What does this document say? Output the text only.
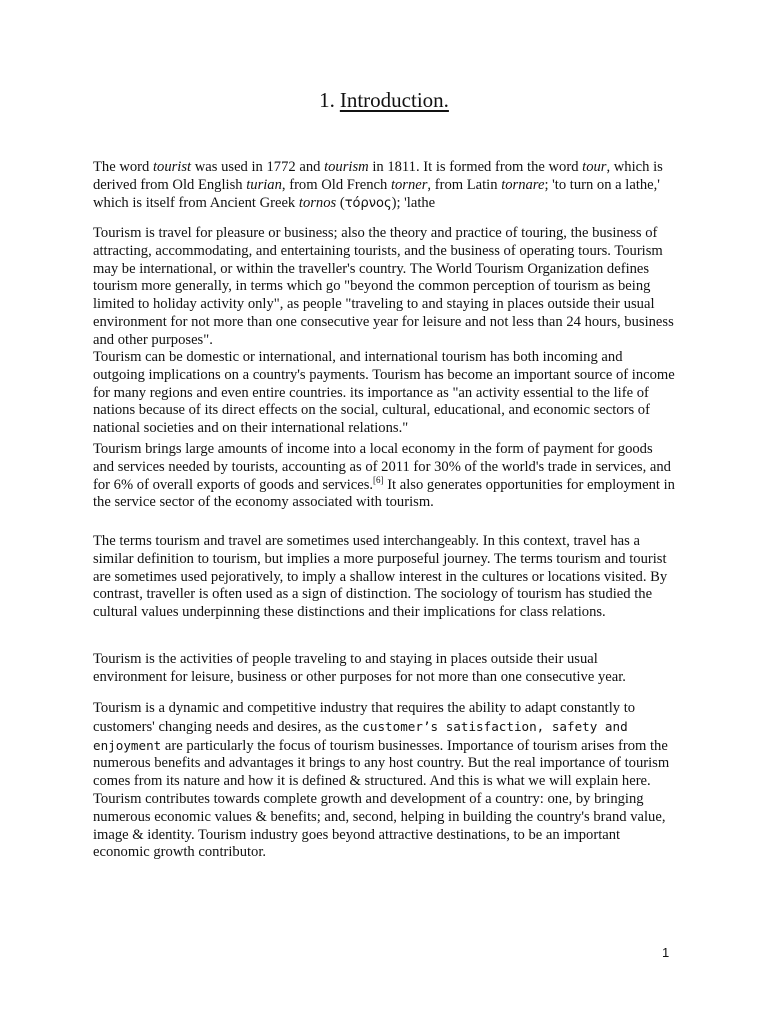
1. Introduction.

The word tourist was used in 1772 and tourism in 1811. It is formed from the word tour, which is derived from Old English turian, from Old French torner, from Latin tornare; 'to turn on a lathe,' which is itself from Ancient Greek tornos (τόρνος); 'lathe

Tourism is travel for pleasure or business; also the theory and practice of touring, the business of attracting, accommodating, and entertaining tourists, and the business of operating tours. Tourism may be international, or within the traveller's country. The World Tourism Organization defines tourism more generally, in terms which go "beyond the common perception of tourism as being limited to holiday activity only", as people "traveling to and staying in places outside their usual environment for not more than one consecutive year for leisure and not less than 24 hours, business and other purposes".

Tourism can be domestic or international, and international tourism has both incoming and outgoing implications on a country's payments. Tourism has become an important source of income for many regions and even entire countries. its importance as "an activity essential to the life of nations because of its direct effects on the social, cultural, educational, and economic sectors of national societies and on their international relations."

Tourism brings large amounts of income into a local economy in the form of payment for goods and services needed by tourists, accounting as of 2011 for 30% of the world's trade in services, and for 6% of overall exports of goods and services.[6] It also generates opportunities for employment in the service sector of the economy associated with tourism.

The terms tourism and travel are sometimes used interchangeably. In this context, travel has a similar definition to tourism, but implies a more purposeful journey. The terms tourism and tourist are sometimes used pejoratively, to imply a shallow interest in the cultures or locations visited. By contrast, traveller is often used as a sign of distinction. The sociology of tourism has studied the cultural values underpinning these distinctions and their implications for class relations.

Tourism is the activities of people traveling to and staying in places outside their usual environment for leisure, business or other purposes for not more than one consecutive year.

Tourism is a dynamic and competitive industry that requires the ability to adapt constantly to customers' changing needs and desires, as the customer’s satisfaction, safety and enjoyment are particularly the focus of tourism businesses. Importance of tourism arises from the numerous benefits and advantages it brings to any host country. But the real importance of tourism comes from its nature and how it is defined & structured. And this is what we will explain here. Tourism contributes towards complete growth and development of a country: one, by bringing numerous economic values & benefits; and, second, helping in building the country's brand value, image & identity. Tourism industry goes beyond attractive destinations, to be an important economic growth contributor.

1
